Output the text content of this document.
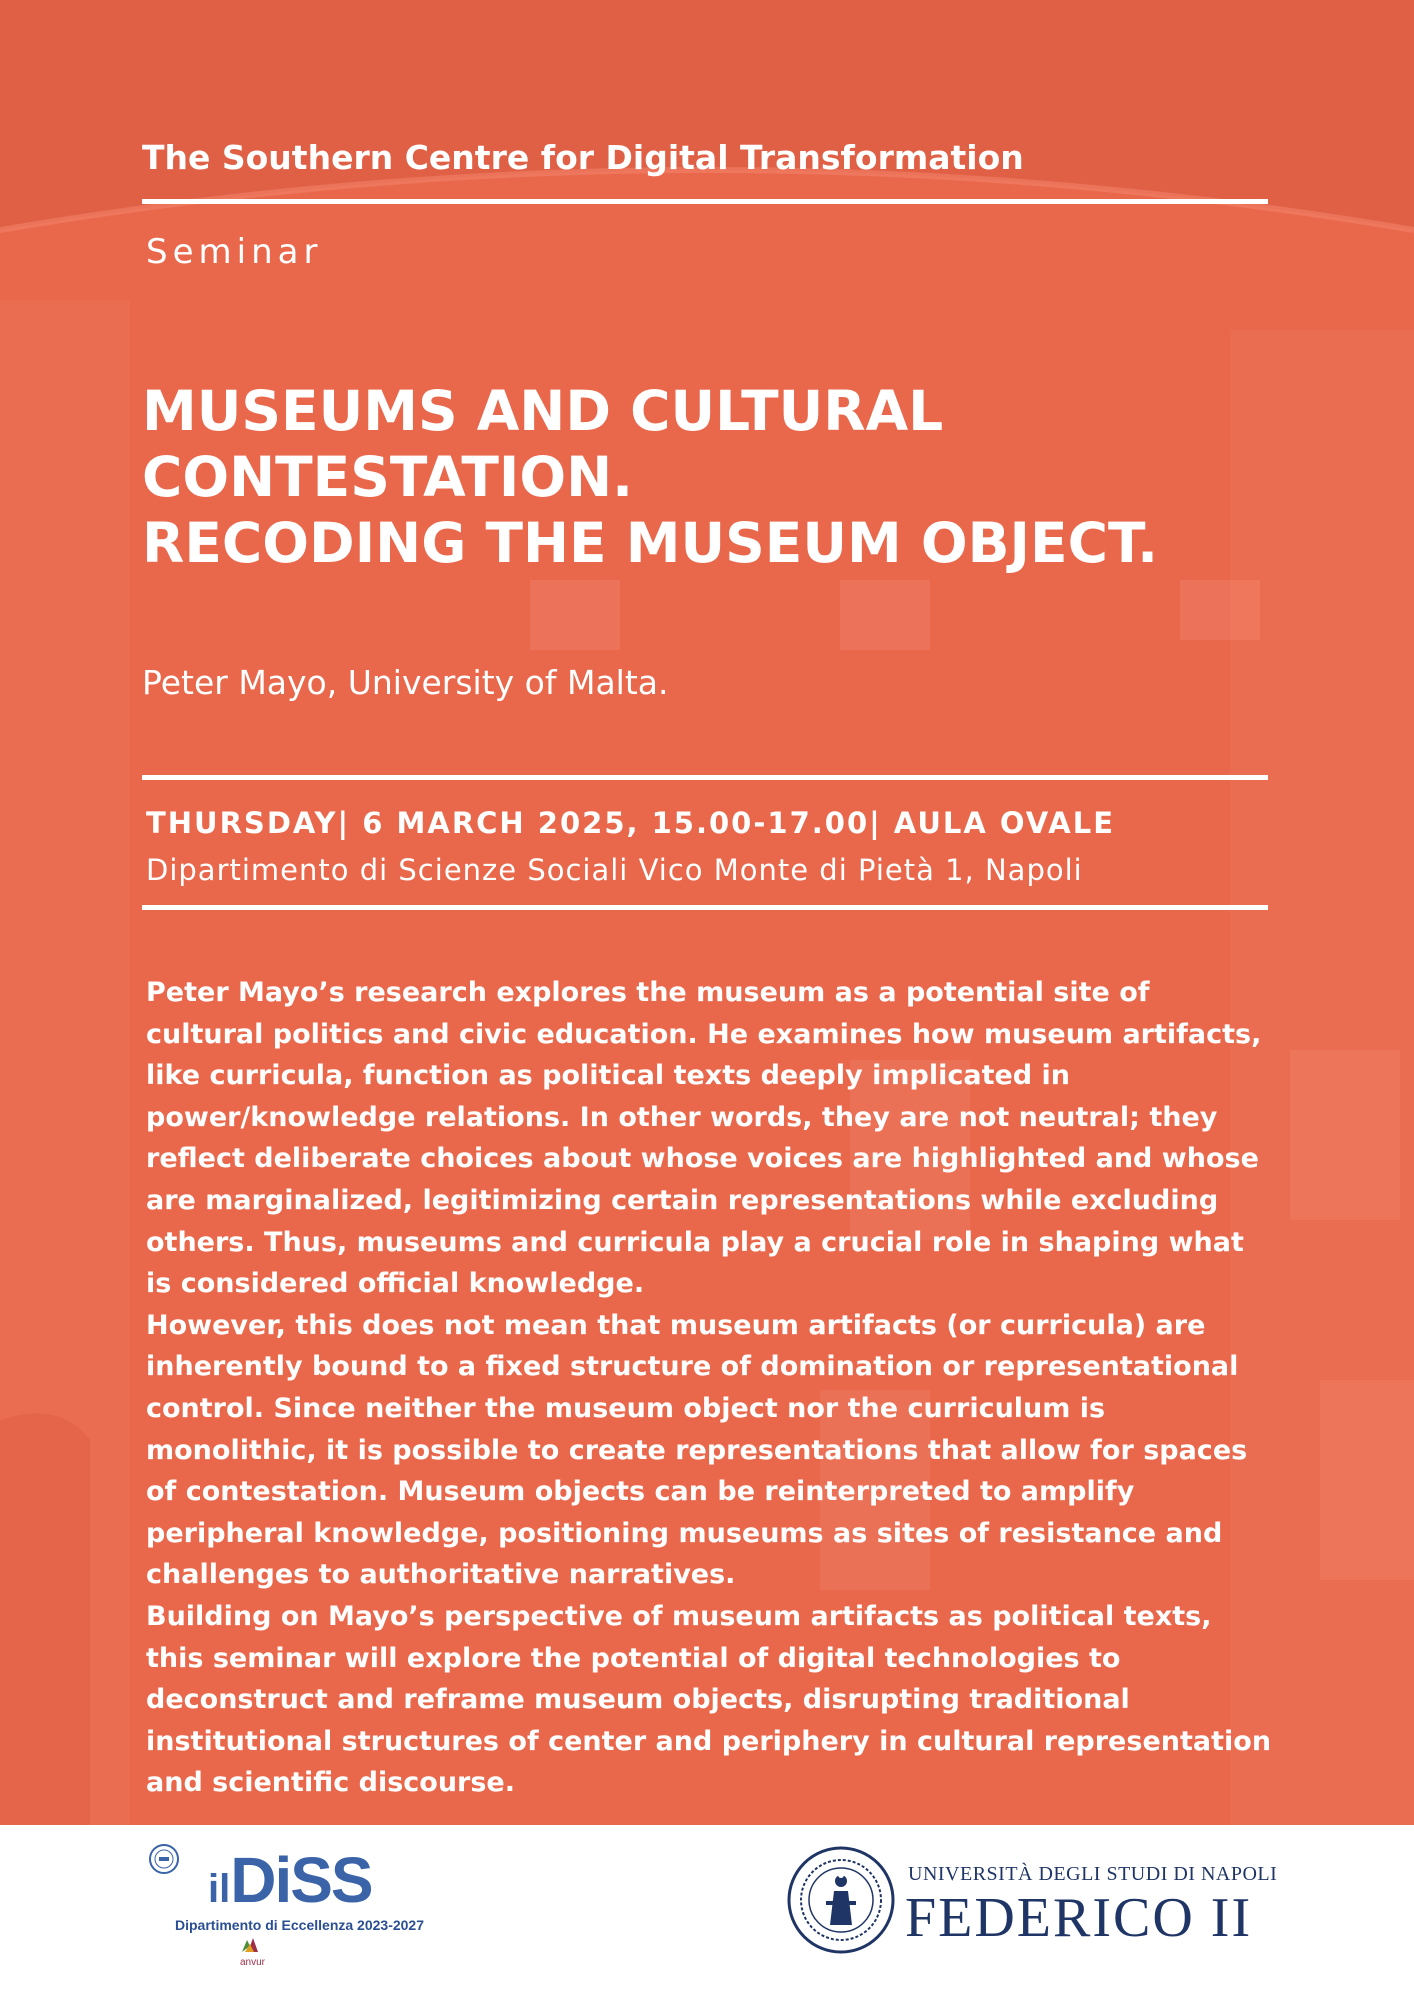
The Southern Centre for Digital Transformation
Seminar
MUSEUMS AND CULTURAL
CONTESTATION.
RECODING THE MUSEUM OBJECT.
Peter Mayo, University of Malta.
THURSDAY| 6 MARCH 2025, 15.00-17.00| AULA OVALE
Dipartimento di Scienze Sociali Vico Monte di Pietà 1, Napoli

Peter Mayo’s research explores the museum as a potential site of cultural politics and civic education. He examines how museum artifacts, like curricula, function as political texts deeply implicated in power/knowledge relations. In other words, they are not neutral; they reflect deliberate choices about whose voices are highlighted and whose are marginalized, legitimizing certain representations while excluding others. Thus, museums and curricula play a crucial role in shaping what is considered official knowledge.

However, this does not mean that museum artifacts (or curricula) are inherently bound to a fixed structure of domination or representational control. Since neither the museum object nor the curriculum is monolithic, it is possible to create representations that allow for spaces of contestation. Museum objects can be reinterpreted to amplify peripheral knowledge, positioning museums as sites of resistance and challenges to authoritative narratives.

Building on Mayo’s perspective of museum artifacts as political texts, this seminar will explore the potential of digital technologies to deconstruct and reframe museum objects, disrupting traditional institutional structures of center and periphery in cultural representation and scientific discourse.

ilDiSS
Dipartimento di Eccellenza 2023-2027
anvur
UNIVERSITÀ DEGLI STUDI DI NAPOLI
FEDERICO II
